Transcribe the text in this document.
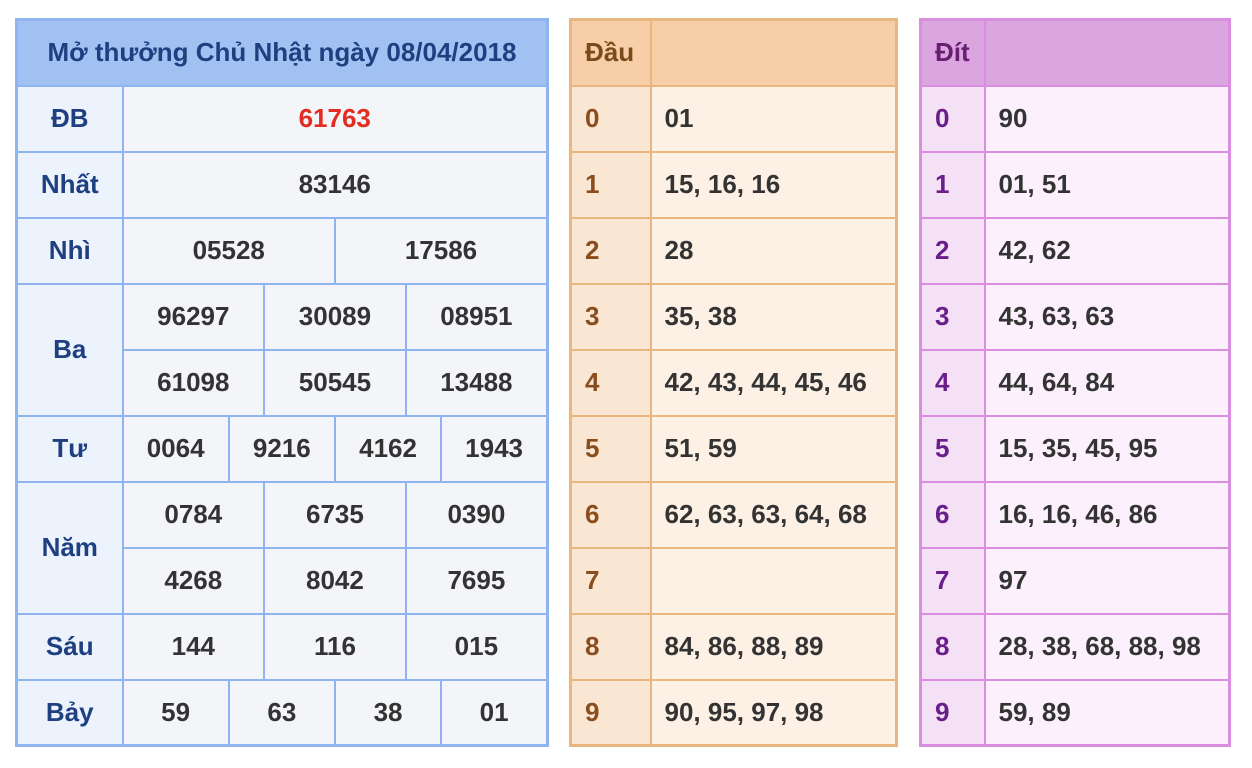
Mở thưởng Chủ Nhật ngày 08/04/2018						
ĐB	61763					
Nhất	83146					
Nhì	05528			17586		
Ba	96297		30089		08951	
	61098		50545		13488	
Tư	0064	9216		4162		1943
Năm	0784		6735		0390	
	4268		8042		7695	
Sáu	144		116		015	
Bảy	59	63		38		01
Đầu	
0	01
1	15, 16, 16
2	28
3	35, 38
4	42, 43, 44, 45, 46
5	51, 59
6	62, 63, 63, 64, 68
7	
8	84, 86, 88, 89
9	90, 95, 97, 98
Đít	
0	90
1	01, 51
2	42, 62
3	43, 63, 63
4	44, 64, 84
5	15, 35, 45, 95
6	16, 16, 46, 86
7	97
8	28, 38, 68, 88, 98
9	59, 89
